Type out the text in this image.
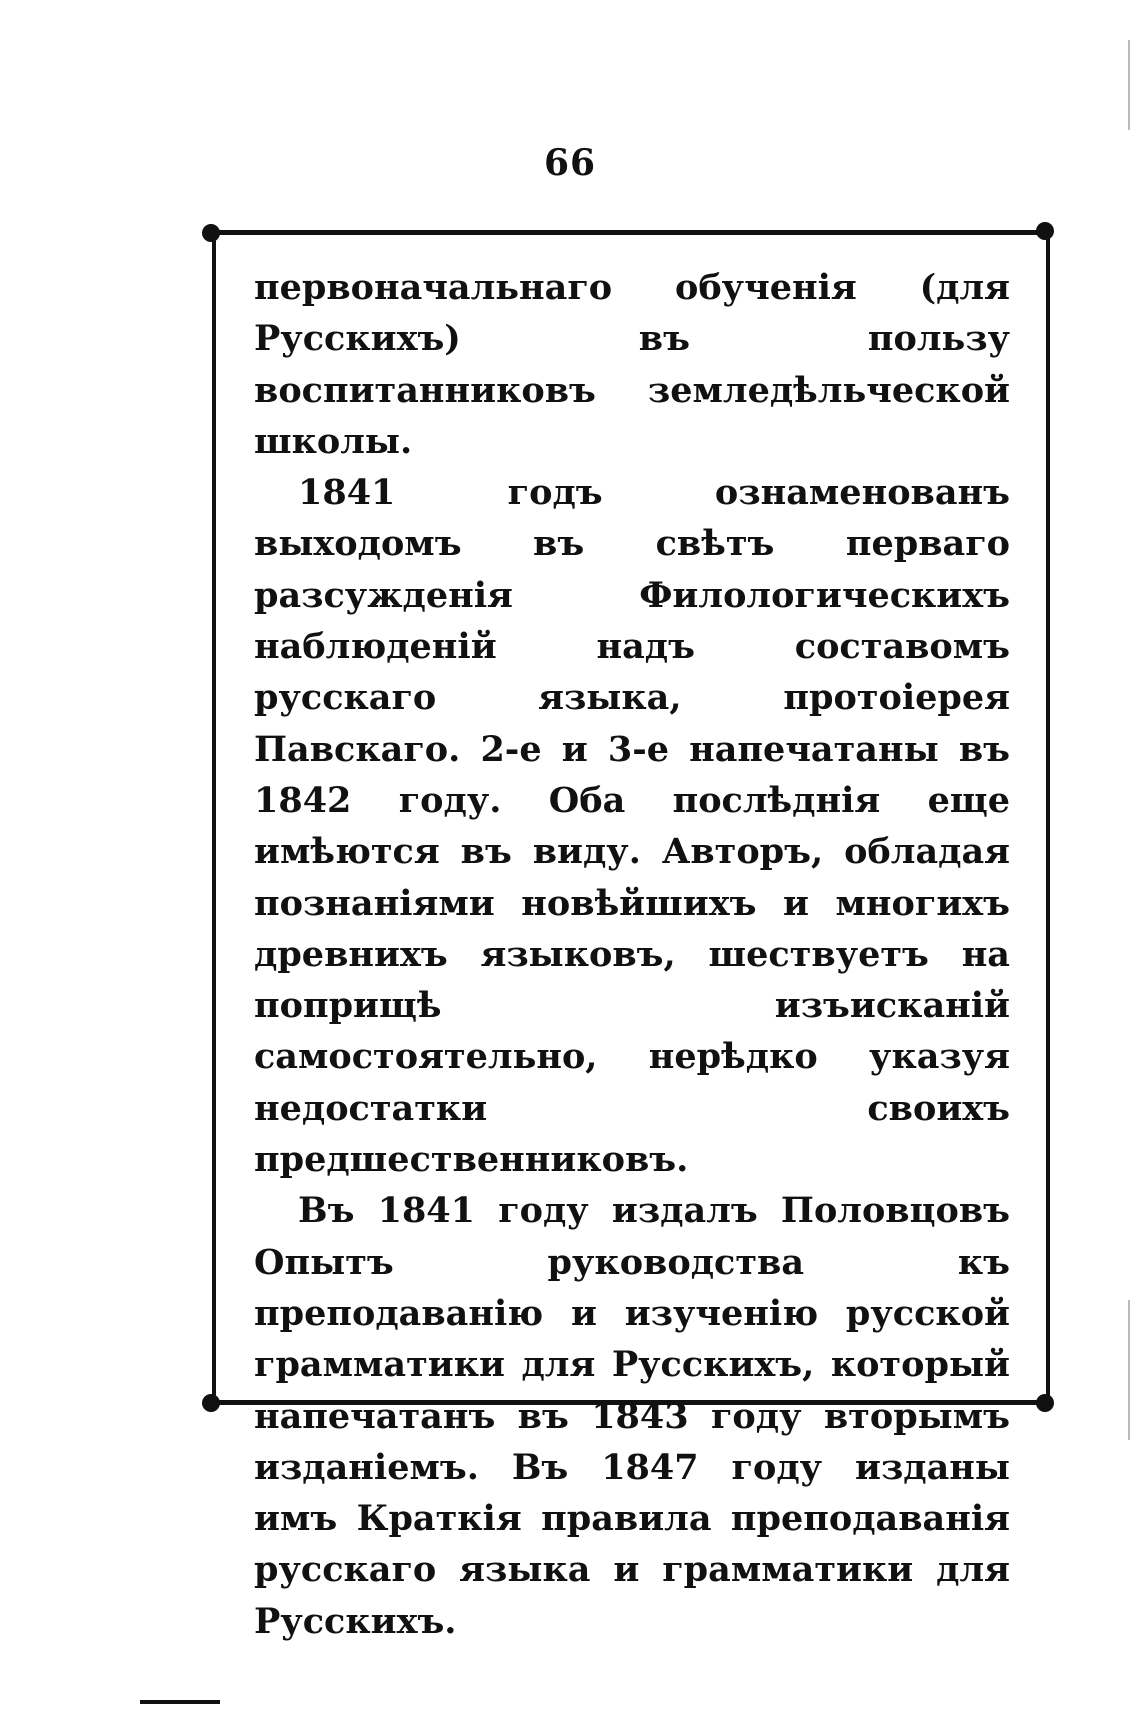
66

первоначальнаго обученія (для Русскихъ) въ пользу воспитанниковъ земледѣльческой школы.

1841 годъ ознаменованъ выходомъ въ свѣтъ перваго разсужденія Филологическихъ наблюденій надъ составомъ русскаго языка, протоіерея Павскаго. 2-е и 3-е напечатаны въ 1842 году. Оба послѣднія еще имѣются въ виду. Авторъ, обладая познаніями новѣйшихъ и многихъ древнихъ языковъ, шествуетъ на поприщѣ изъисканій самостоятельно, нерѣдко указуя недостатки своихъ предшественниковъ.

Въ 1841 году издалъ Половцовъ Опытъ руководства къ преподаванію и изученію русской грамматики для Русскихъ, который напечатанъ въ 1843 году вторымъ изданіемъ. Въ 1847 году изданы имъ Краткія правила преподаванія русскаго языка и грамматики для Русскихъ.
